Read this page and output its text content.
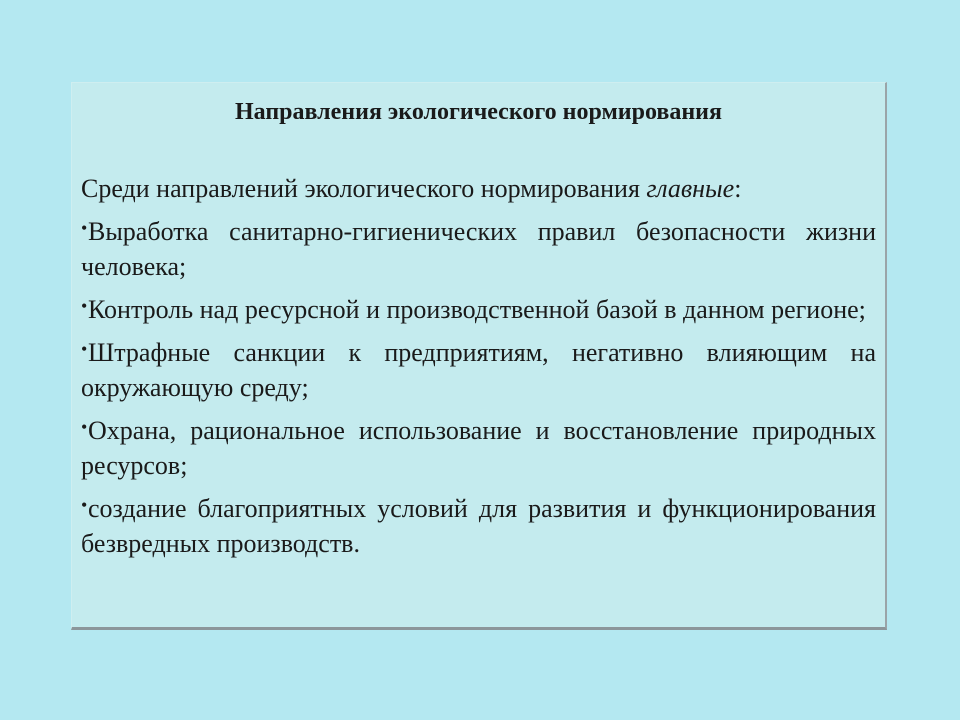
Направления экологического нормирования
Среди направлений экологического нормирования главные:
•Выработка санитарно-гигиенических правил безопасности жизни человека;
•Контроль над ресурсной и производственной базой в данном регионе;
•Штрафные санкции к предприятиям, негативно влияющим на окружающую среду;
•Охрана, рациональное использование и восстановление природных ресурсов;
•создание благоприятных условий для развития и функционирования безвредных производств.
